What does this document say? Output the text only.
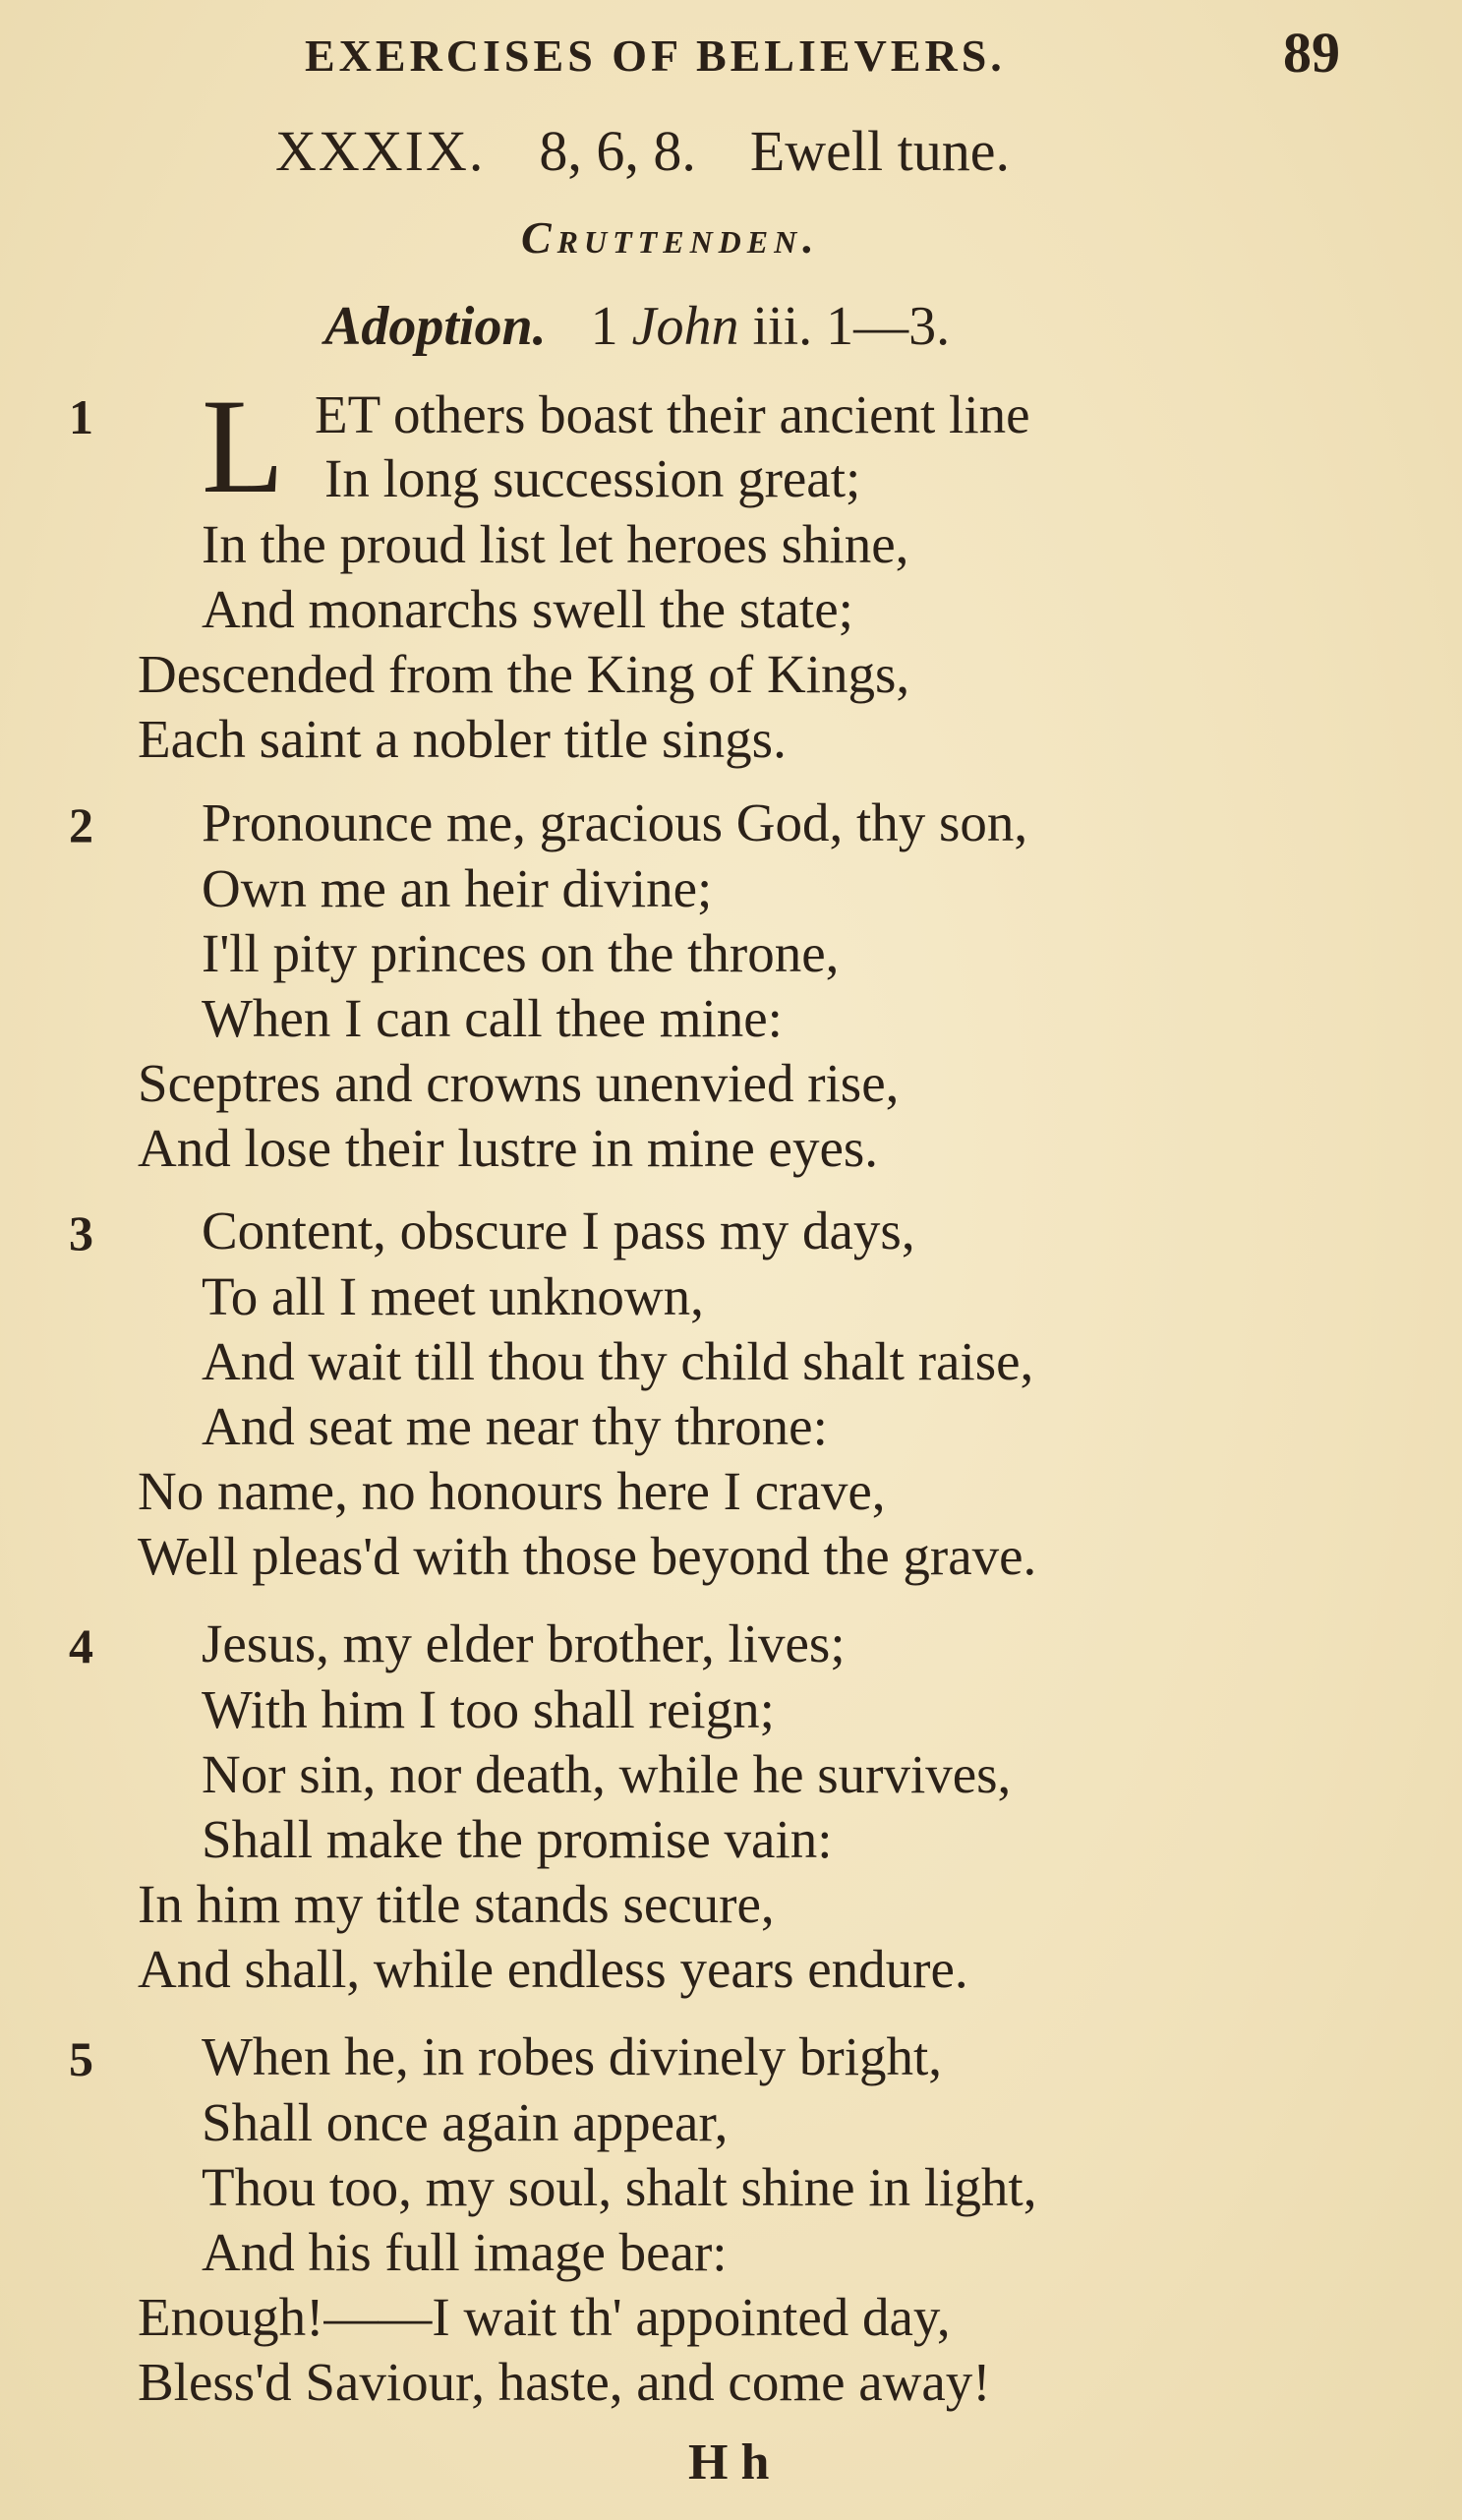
EXERCISES OF BELIEVERS.	89
XXXIX. 8, 6, 8. Ewell tune.
Cruttenden.
Adoption. 1 John iii. 1—3.
1 L ET others boast their ancient line
In long succession great;
In the proud list let heroes shine,
And monarchs swell the state;
Descended from the King of Kings,
Each saint a nobler title sings.
2 Pronounce me, gracious God, thy son,
Own me an heir divine;
I'll pity princes on the throne,
When I can call thee mine:
Sceptres and crowns unenvied rise,
And lose their lustre in mine eyes.
3 Content, obscure I pass my days,
To all I meet unknown,
And wait till thou thy child shalt raise,
And seat me near thy throne:
No name, no honours here I crave,
Well pleas'd with those beyond the grave.
4 Jesus, my elder brother, lives;
With him I too shall reign;
Nor sin, nor death, while he survives,
Shall make the promise vain:
In him my title stands secure,
And shall, while endless years endure.
5 When he, in robes divinely bright,
Shall once again appear,
Thou too, my soul, shalt shine in light,
And his full image bear:
Enough!——I wait th' appointed day,
Bless'd Saviour, haste, and come away!
H h
